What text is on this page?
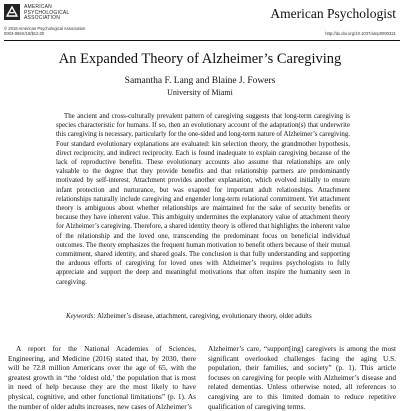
AMERICAN
PSYCHOLOGICAL
ASSOCIATION	American Psychologist
© 2018 American Psychological Association
0003-066X/18/$12.00	http://dx.doi.org/10.1037/amp0000321
An Expanded Theory of Alzheimer’s Caregiving
Samantha F. Lang and Blaine J. Fowers
University of Miami
The ancient and cross-culturally prevalent pattern of caregiving suggests that long-term caregiving is species characteristic for humans. If so, then an evolutionary account of the adaptation(s) that underwrite this caregiving is necessary, particularly for the one-sided and long-term nature of Alzheimer’s caregiving. Four standard evolutionary explanations are evaluated: kin selection theory, the grandmother hypothesis, direct reciprocity, and indirect reciprocity. Each is found inadequate to explain caregiving because of the lack of reproductive benefits. These evolutionary accounts also assume that relationships are only valuable to the degree that they provide benefits and that relationship partners are predominantly motivated by self-interest. Attachment provides another explanation, which evolved initially to ensure infant protection and nurturance, but was exapted for important adult relationships. Attachment relationships naturally include caregiving and engender long-term relational commitment. Yet attachment theory is ambiguous about whether relationships are maintained for the sake of security benefits or because they have inherent value. This ambiguity undermines the explanatory value of attachment theory for Alzheimer’s caregiving. Therefore, a shared identity theory is offered that highlights the inherent value of the relationship and the loved one, transcending the predominant focus on beneficial individual outcomes. The theory emphasizes the frequent human motivation to benefit others because of their mutual commitment, shared identity, and shared goals. The conclusion is that fully understanding and supporting the arduous efforts of caregiving for loved ones with Alzheimer’s requires psychologists to fully appreciate and support the deep and meaningful motivations that often inspire the humanity seen in caregiving.
Keywords: Alzheimer’s disease, attachment, caregiving, evolutionary theory, older adults
A report for the National Academies of Sciences, Engineering, and Medicine (2016) stated that, by 2030, there will be 72.8 million Americans over the age of 65, with the greatest growth in “the ‘oldest old,’ the population that is most in need of help because they are the most likely to have physical, cognitive, and other functional limitations” (p. 1). As the number of older adults increases, new cases of Alzheimer’s
Alzheimer’s care, “support[ing] caregivers is among the most significant overlooked challenges facing the aging U.S. population, their families, and society” (p. 1). This article focuses on caregiving for people with Alzheimer’s disease and related dementias. Unless otherwise noted, all references to caregiving are to this limited domain to reduce repetitive qualification of caregiving terms.
